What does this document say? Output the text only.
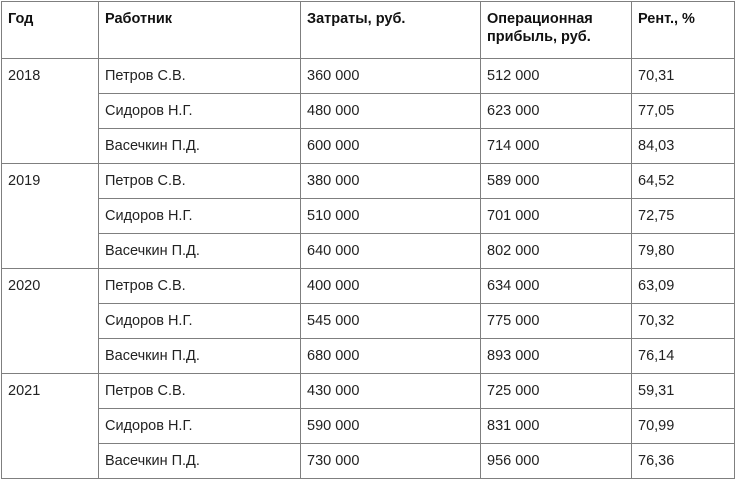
Год	Работник	Затраты, руб.	Операционная прибыль, руб.	Рент., %
2018	Петров С.В.	360 000	512 000	70,31
	Сидоров Н.Г.	480 000	623 000	77,05
	Васечкин П.Д.	600 000	714 000	84,03
2019	Петров С.В.	380 000	589 000	64,52
	Сидоров Н.Г.	510 000	701 000	72,75
	Васечкин П.Д.	640 000	802 000	79,80
2020	Петров С.В.	400 000	634 000	63,09
	Сидоров Н.Г.	545 000	775 000	70,32
	Васечкин П.Д.	680 000	893 000	76,14
2021	Петров С.В.	430 000	725 000	59,31
	Сидоров Н.Г.	590 000	831 000	70,99
	Васечкин П.Д.	730 000	956 000	76,36
